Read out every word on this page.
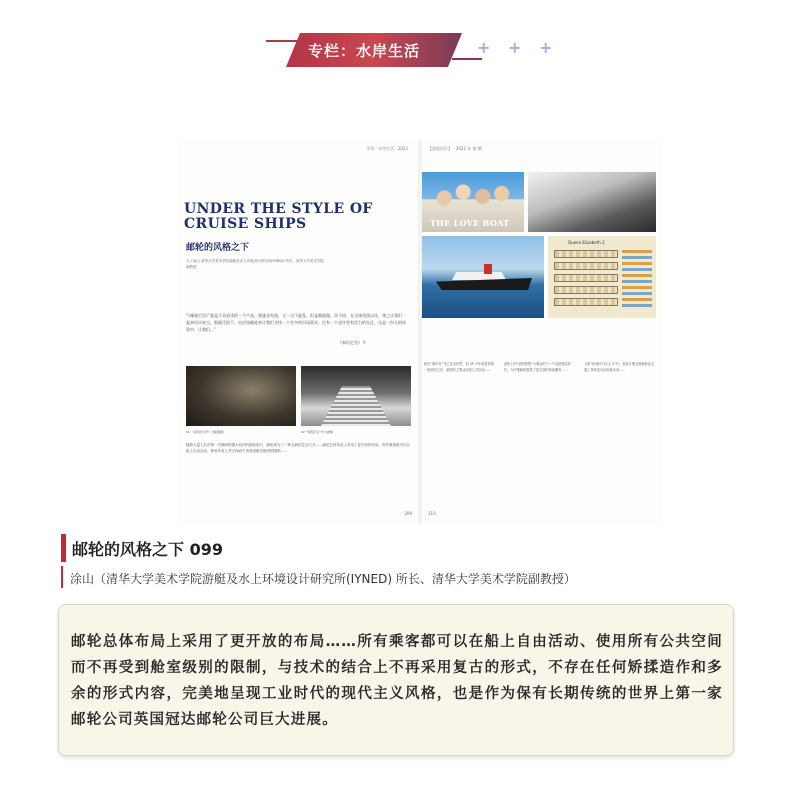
专栏：水岸生活	+ + +
学刊 · 水岸生活 · 2022
UNDER THE STYLE OF CRUISE SHIPS
邮轮的风格之下
文 / 涂山 清华大学美术学院游艇及水上环境设计研究所(IYNED) 所长、清华大学美术学院副教授
“《邮轮后宫》”就是大众追求的一个产品，要逐步发展，又一点不能乱，但是都能做，而不同，在全球范围以往，使之让我们一起来经历每当，那就代很不。由法国邮轮来让我们寻找一个更多的市场需求，还有一个也许更有活力的在区，这是一份人的体验中，让我们…”
《泰坦尼克》节
01 《泰坦尼克号》电影剧照	02 “泰坦尼克”号大楼梯
随着大量人们对第一次横跨跨越大西洋的邮轮旅行，邮轮成为了一种全新的生活方式……邮轮总体布局上采用了更开放的布局，所有乘客都可以在船上自由活动、使用所有公共空间而不再受到舱室级别的限制……
209
【游轮设计】 · 2022 年 第 期
THE LOVE BOAT
Queen Elizabeth 2
船员“海尔号”号已在全世界，但 35 个年轮投资第一是使用之后，邮轮的主要活动是公共空间……
游轮上的“爱的旅程”为观众的下一个活跃娱乐时代，为中型邮轮提供了更全面的休闲服务……
又如“伊丽莎白女王 2”号，其设计理念将邮轮从交通工具转变为目的地本身……
210
邮轮的风格之下 099
涂山（清华大学美术学院游艇及水上环境设计研究所(IYNED) 所长、清华大学美术学院副教授）

邮轮总体布局上采用了更开放的布局……所有乘客都可以在船上自由活动、使用所有公共空间而不再受到舱室级别的限制，与技术的结合上不再采用复古的形式，不存在任何矫揉造作和多余的形式内容，完美地呈现工业时代的现代主义风格，也是作为保有长期传统的世界上第一家邮轮公司英国冠达邮轮公司巨大进展。
